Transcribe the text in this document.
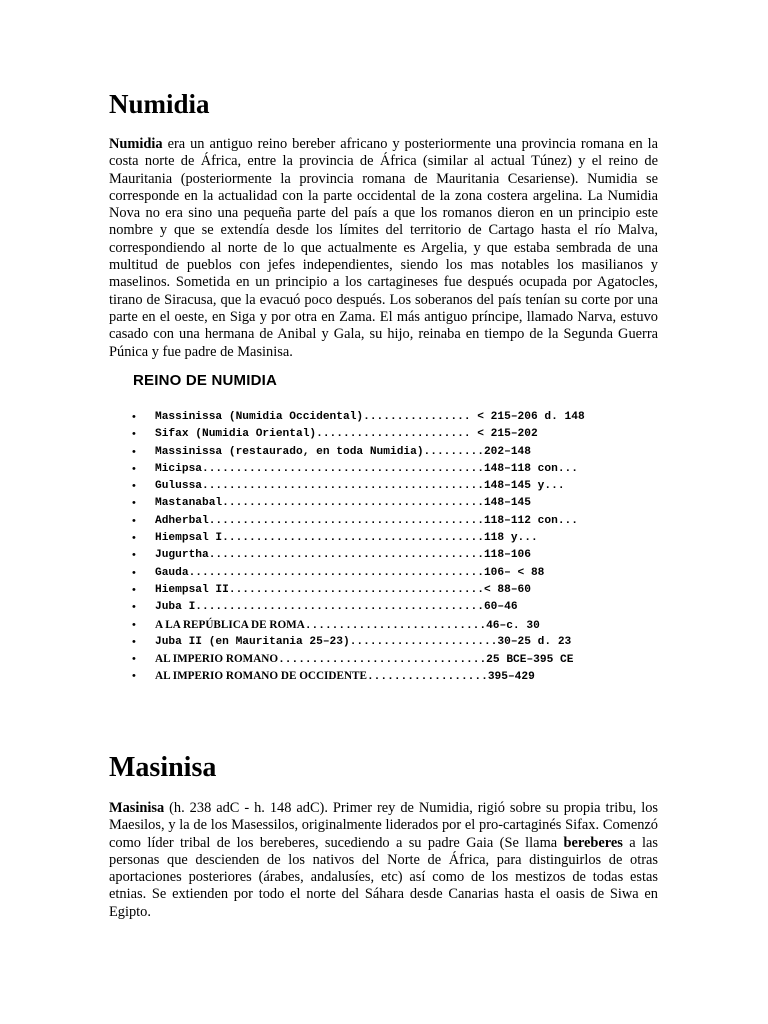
Numidia

Numidia era un antiguo reino bereber africano y posteriormente una provincia romana en la costa norte de África, entre la provincia de África (similar al actual Túnez) y el reino de Mauritania (posteriormente la provincia romana de Mauritania Cesariense). Numidia se corresponde en la actualidad con la parte occidental de la zona costera argelina. La Numidia Nova no era sino una pequeña parte del país a que los romanos dieron en un principio este nombre y que se extendía desde los límites del territorio de Cartago hasta el río Malva, correspondiendo al norte de lo que actualmente es Argelia, y que estaba sembrada de una multitud de pueblos con jefes independientes, siendo los mas notables los masilianos y maselinos. Sometida en un principio a los cartagineses fue después ocupada por Agatocles, tirano de Siracusa, que la evacuó poco después. Los soberanos del país tenían su corte por una parte en el oeste, en Siga y por otra en Zama. El más antiguo príncipe, llamado Narva, estuvo casado con una hermana de Anibal y Gala, su hijo, reinaba en tiempo de la Segunda Guerra Púnica y fue padre de Masinisa.

REINO DE NUMIDIA
• Massinissa (Numidia Occidental)................ < 215–206 d. 148
• Sifax (Numidia Oriental)....................... < 215–202
• Massinissa (restaurado, en toda Numidia).........202–148
• Micipsa..........................................148–118 con...
• Gulussa..........................................148–145 y...
• Mastanabal.......................................148–145
• Adherbal.........................................118–112 con...
• Hiempsal I.......................................118 y...
• Jugurtha.........................................118–106
• Gauda............................................106– < 88
• Hiempsal II......................................< 88–60
• Juba I...........................................60–46
• A LA REPÚBLICA DE ROMA...........................46–c. 30
• Juba II (en Mauritania 25–23)......................30–25 d. 23
• AL IMPERIO ROMANO...............................25 BCE–395 CE
• AL IMPERIO ROMANO DE OCCIDENTE..................395–429
Masinisa

Masinisa (h. 238 adC - h. 148 adC). Primer rey de Numidia, rigió sobre su propia tribu, los Maesilos, y la de los Masessilos, originalmente liderados por el pro-cartaginés Sifax. Comenzó como líder tribal de los bereberes, sucediendo a su padre Gaia (Se llama bereberes a las personas que descienden de los nativos del Norte de África, para distinguirlos de otras aportaciones posteriores (árabes, andalusíes, etc) así como de los mestizos de todas estas etnias. Se extienden por todo el norte del Sáhara desde Canarias hasta el oasis de Siwa en Egipto.
